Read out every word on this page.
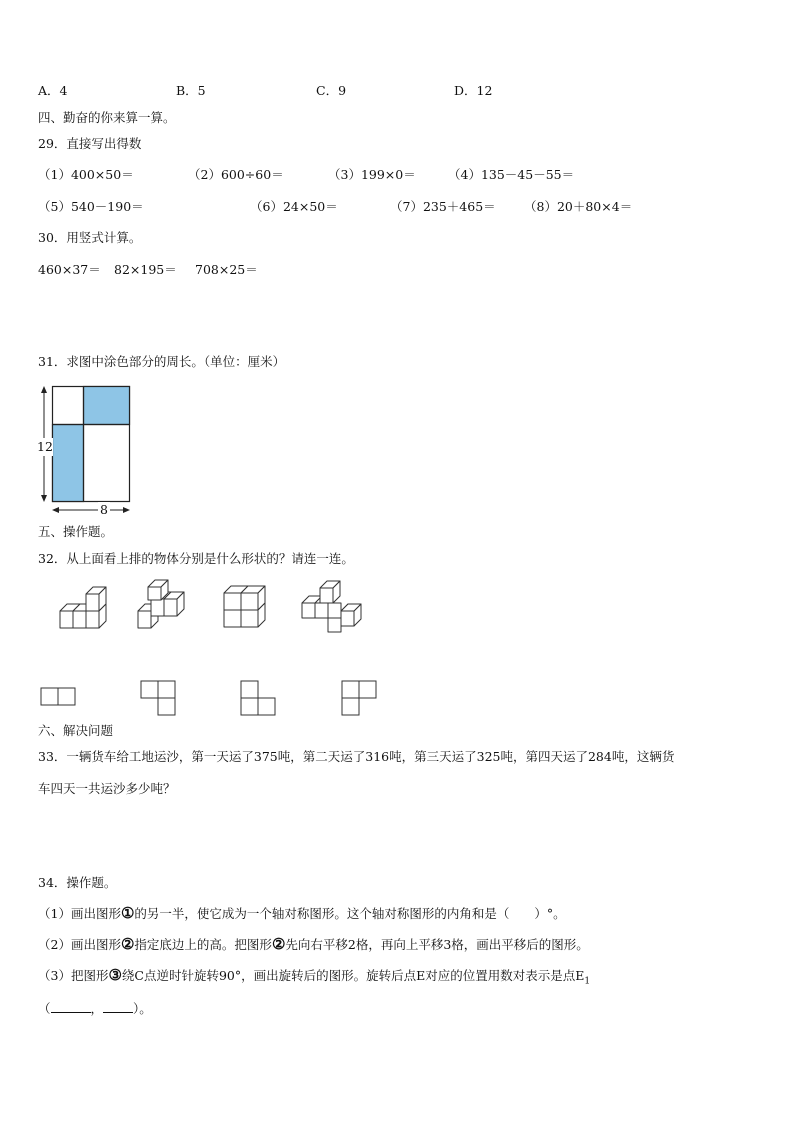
A．4	B．5	C．9	D．12
四、勤奋的你来算一算。
29．直接写出得数
（1）400×50＝	（2）600÷60＝	（3）199×0＝	（4）135－45－55＝
（5）540－190＝	（6）24×50＝	（7）235＋465＝ （8）20＋80×4＝
30．用竖式计算。
460×37＝ 82×195＝ 708×25＝
31．求图中涂色部分的周长。（单位：厘米）
12
8
五、操作题。
32．从上面看上排的物体分别是什么形状的？请连一连。
六、解决问题
33．一辆货车给工地运沙，第一天运了375吨，第二天运了316吨，第三天运了325吨，第四天运了284吨，这辆货
车四天一共运沙多少吨？
34．操作题。
（1）画出图形①的另一半，使它成为一个轴对称图形。这个轴对称图形的内角和是（　　）°。
（2）画出图形②指定底边上的高。把图形②先向右平移2格，再向上平移3格，画出平移后的图形。
（3）把图形③绕C点逆时针旋转90°，画出旋转后的图形。旋转后点E对应的位置用数对表示是点$E_1$
（	， ）。
